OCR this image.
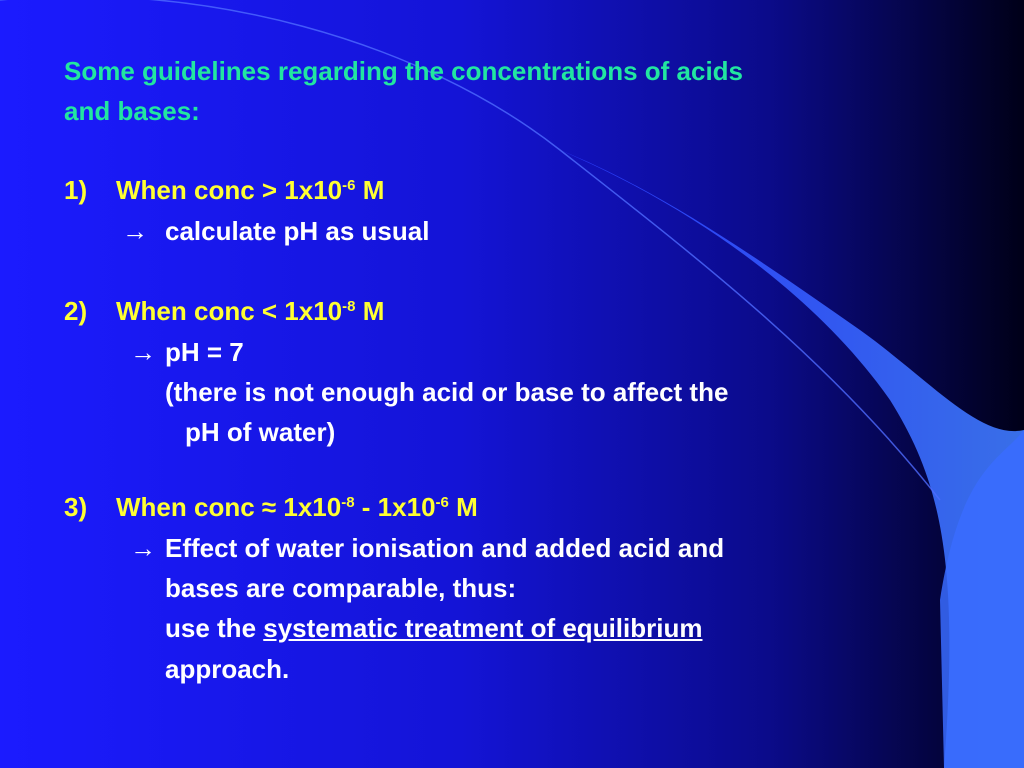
Some guidelines regarding the concentrations of acids
and bases:
1) When conc > $1x10^{-6}$ M
→ calculate pH as usual
2) When conc < $1x10^{-8}$ M
→ pH = 7
(there is not enough acid or base to affect the
pH of water)
3) When conc ≈ $1x10^{-8} - 1x10^{-6}$ M
→ Effect of water ionisation and added acid and
bases are comparable, thus:
use the systematic treatment of equilibrium
approach.
